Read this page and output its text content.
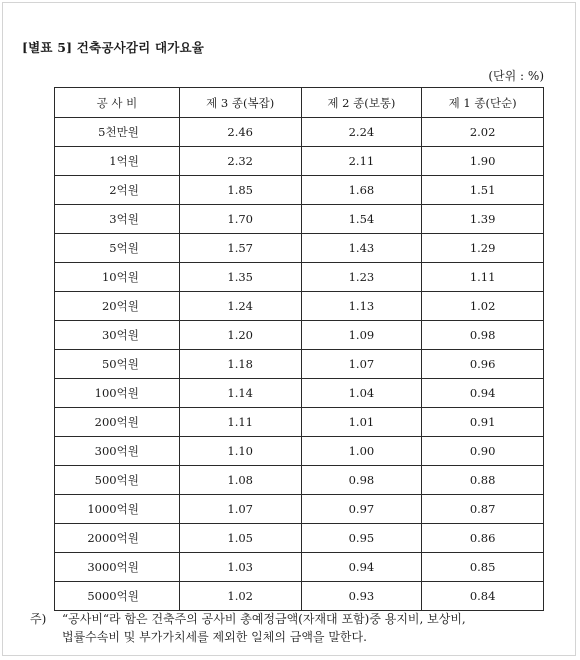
[별표 5] 건축공사감리 대가요율
(단위 : %)
공 사 비	제 3 종(복잡)	제 2 종(보통)	제 1 종(단순)
5천만원	2.46	2.24	2.02
1억원	2.32	2.11	1.90
2억원	1.85	1.68	1.51
3억원	1.70	1.54	1.39
5억원	1.57	1.43	1.29
10억원	1.35	1.23	1.11
20억원	1.24	1.13	1.02
30억원	1.20	1.09	0.98
50억원	1.18	1.07	0.96
100억원	1.14	1.04	0.94
200억원	1.11	1.01	0.91
300억원	1.10	1.00	0.90
500억원	1.08	0.98	0.88
1000억원	1.07	0.97	0.87
2000억원	1.05	0.95	0.86
3000억원	1.03	0.94	0.85
5000억원	1.02	0.93	0.84
주) “공사비“라 함은 건축주의 공사비 총예정금액(자재대 포함)중 용지비, 보상비,
법률수속비 및 부가가치세를 제외한 일체의 금액을 말한다.
